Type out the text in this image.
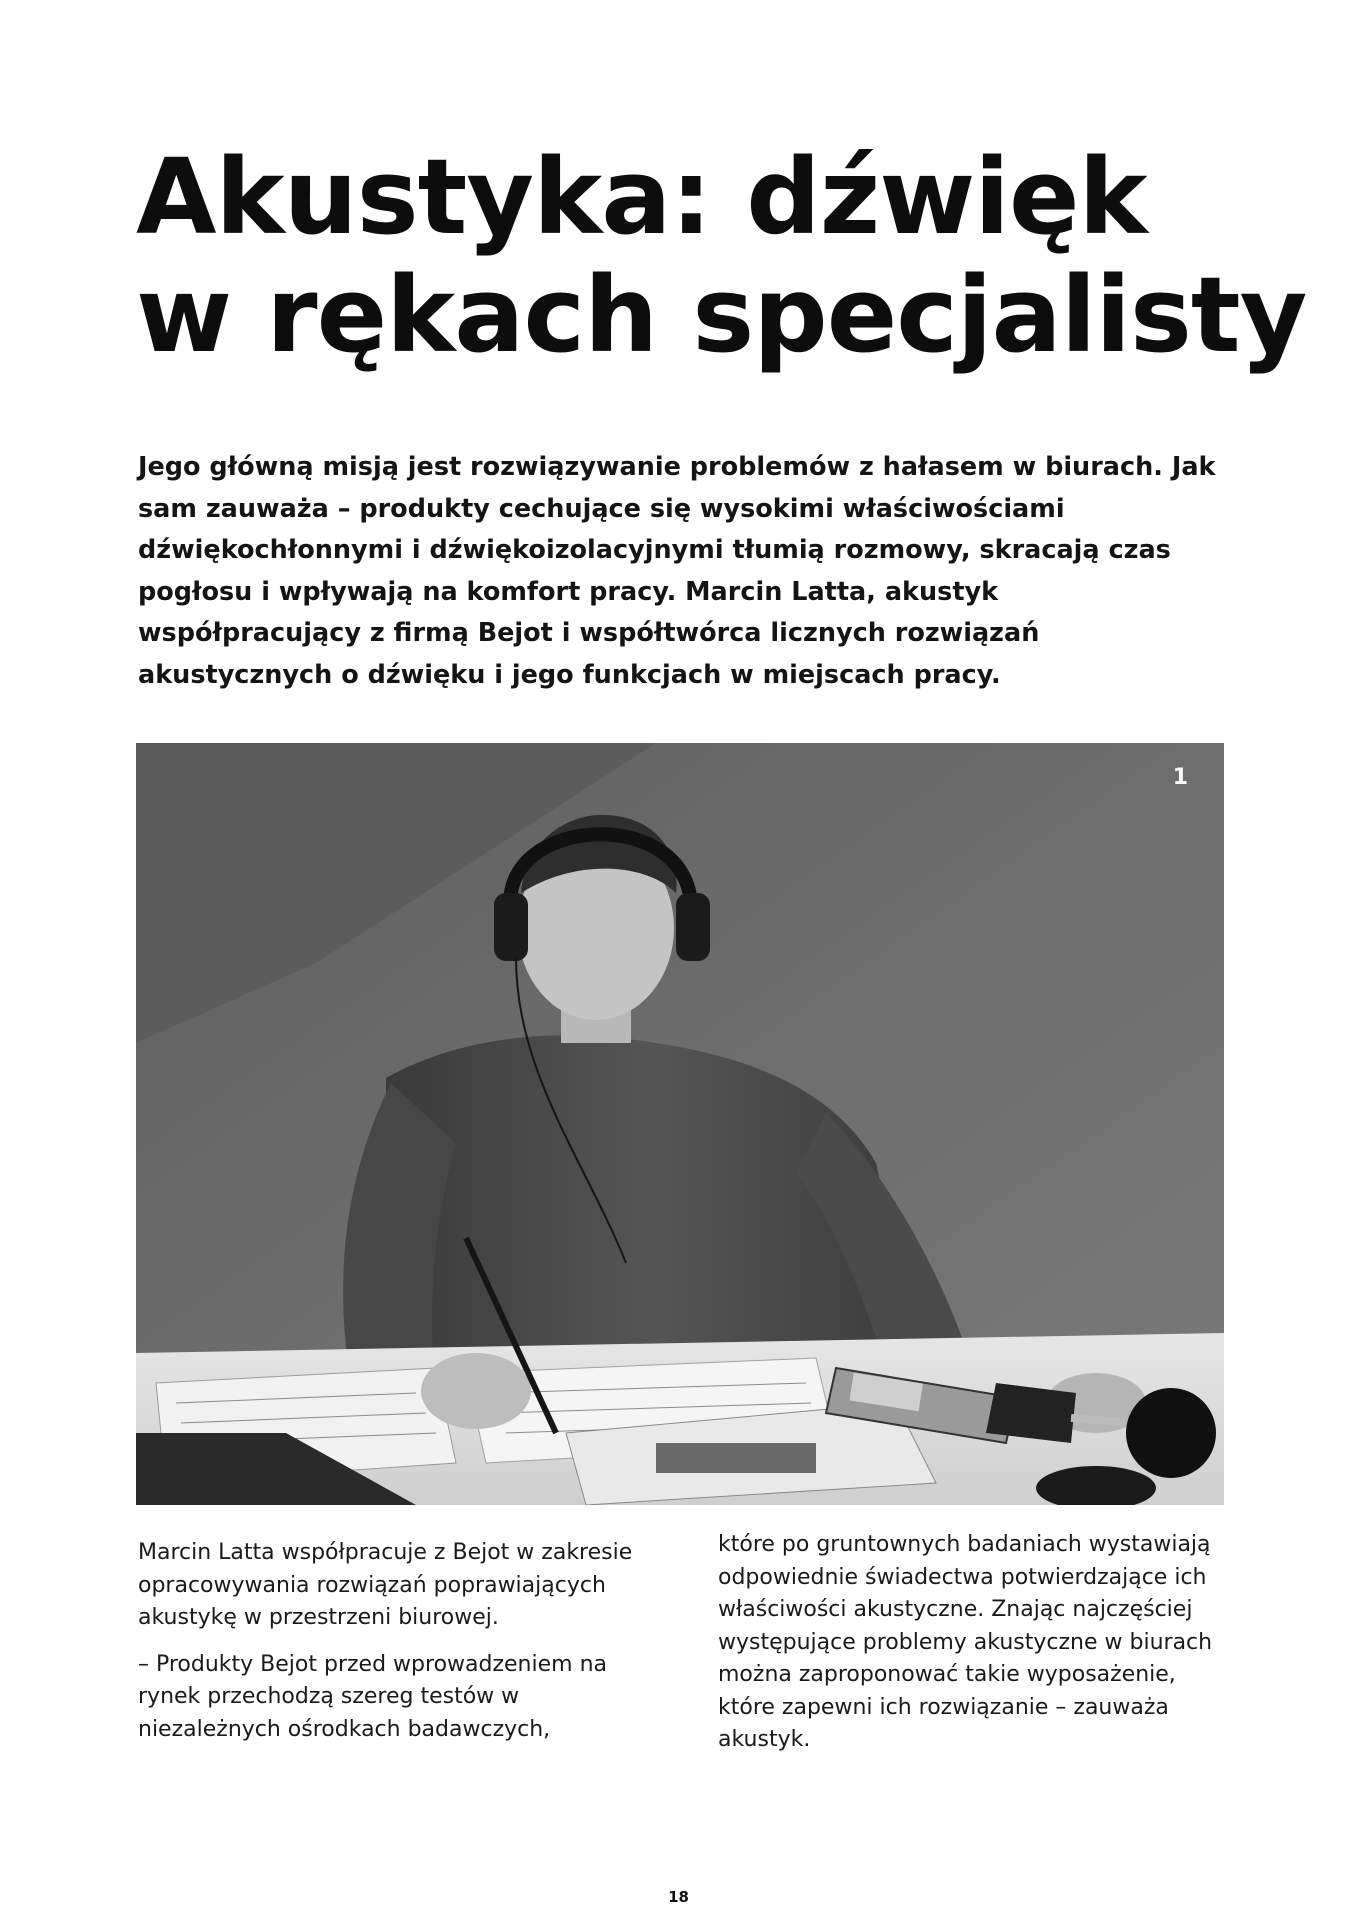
Akustyka: dźwięk
w rękach specjalisty

Jego główną misją jest rozwiązywanie problemów z hałasem w biurach. Jak sam zauważa – produkty cechujące się wysokimi właściwościami dźwiękochłonnymi i dźwiękoizolacyjnymi tłumią rozmowy, skracają czas pogłosu i wpływają na komfort pracy. Marcin Latta, akustyk współpracujący z firmą Bejot i współtwórca licznych rozwiązań akustycznych o dźwięku i jego funkcjach w miejscach pracy.

1

Marcin Latta współpracuje z Bejot w zakresie opracowywania rozwiązań poprawiających akustykę w przestrzeni biurowej.

– Produkty Bejot przed wprowadzeniem na rynek przechodzą szereg testów w niezależnych ośrodkach badawczych,

które po gruntownych badaniach wystawiają odpowiednie świadectwa potwierdzające ich właściwości akustyczne. Znając najczęściej występujące problemy akustyczne w biurach można zaproponować takie wyposażenie, które zapewni ich rozwiązanie – zauważa akustyk.

18
